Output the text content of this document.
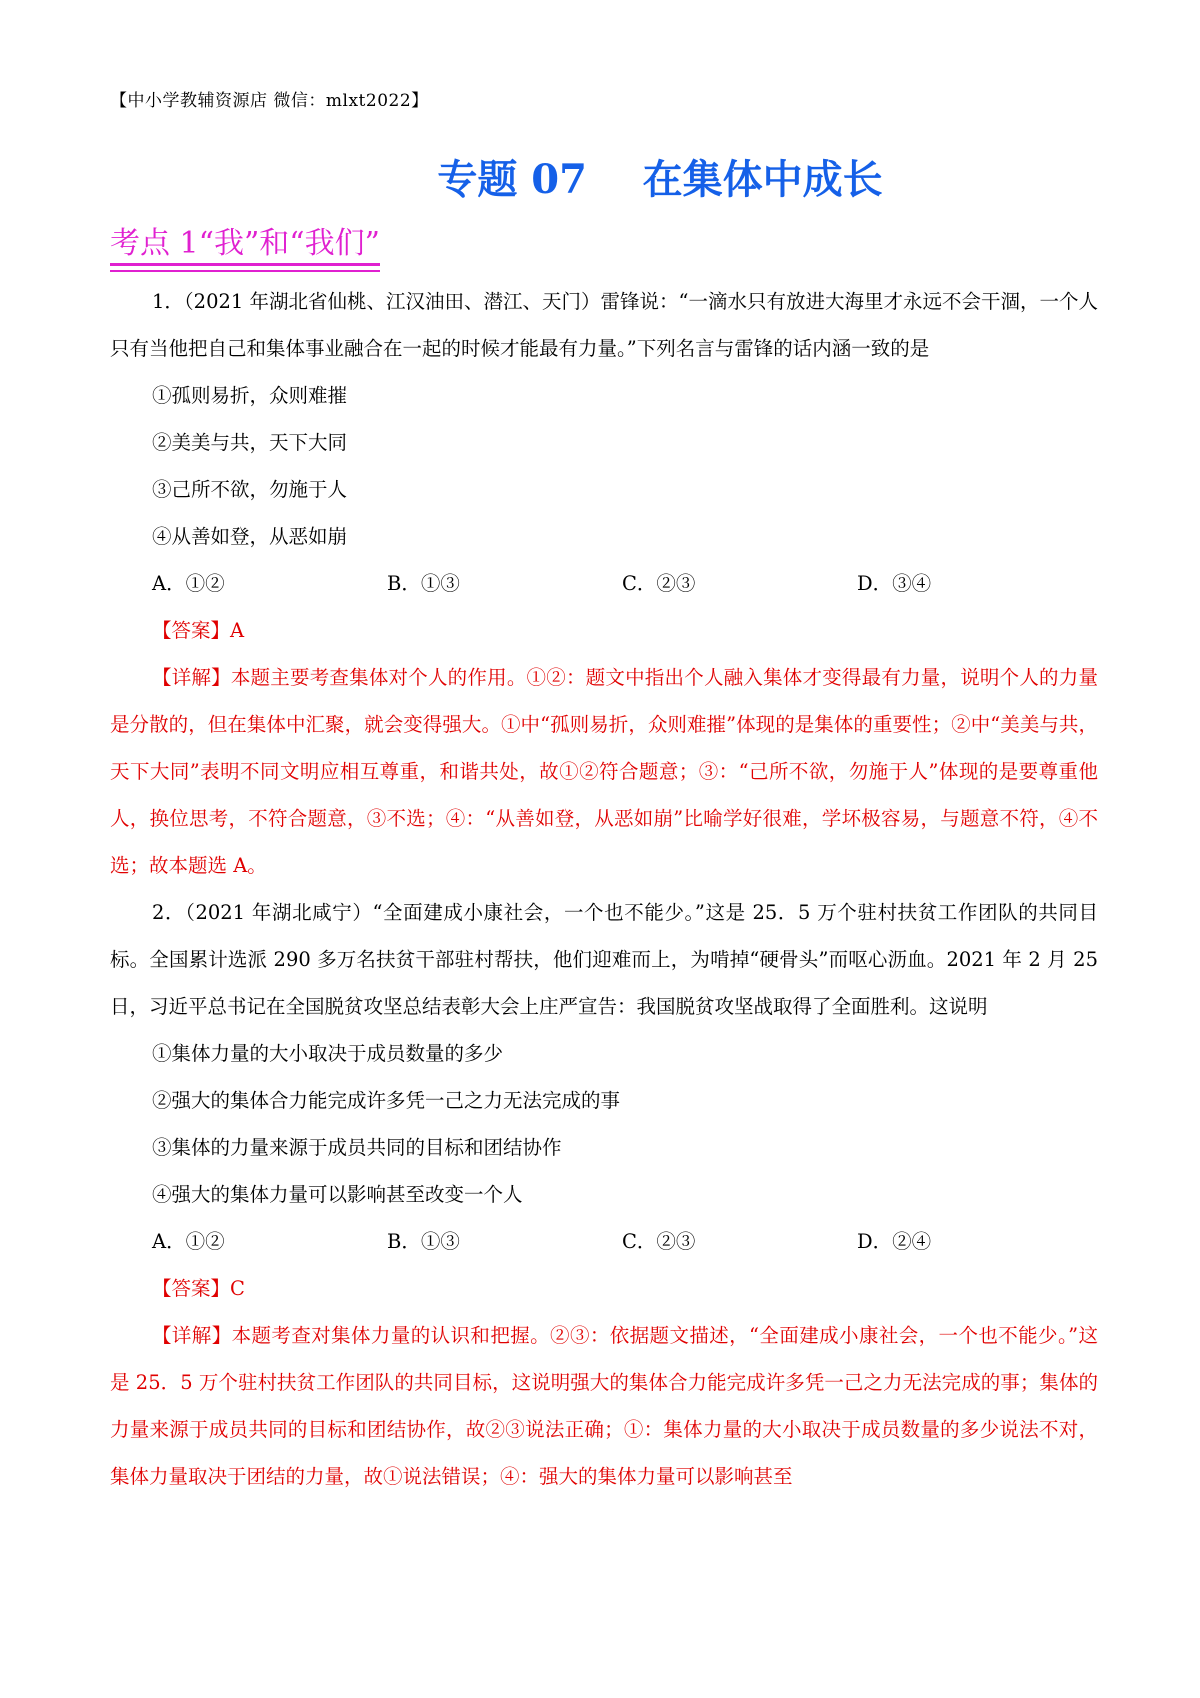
【中小学教辅资源店 微信：mlxt2022】
专题 07    在集体中成长
考点 1“我”和“我们”

1．（2021 年湖北省仙桃、江汉油田、潜江、天门）雷锋说：“一滴水只有放进大海里才永远不会干涸，一个人只有当他把自己和集体事业融合在一起的时候才能最有力量。”下列名言与雷锋的话内涵一致的是

①孤则易折，众则难摧

②美美与共，天下大同

③己所不欲，勿施于人

④从善如登，从恶如崩

A．①②	B．①③	C．②③	D．③④

【答案】A

【详解】本题主要考查集体对个人的作用。①②：题文中指出个人融入集体才变得最有力量，说明个人的力量是分散的，但在集体中汇聚，就会变得强大。①中“孤则易折，众则难摧”体现的是集体的重要性；②中“美美与共，天下大同”表明不同文明应相互尊重，和谐共处，故①②符合题意；③：“己所不欲，勿施于人”体现的是要尊重他人，换位思考，不符合题意，③不选；④：“从善如登，从恶如崩”比喻学好很难，学坏极容易，与题意不符，④不选；故本题选 A。

2．（2021 年湖北咸宁）“全面建成小康社会，一个也不能少。”这是 25．5 万个驻村扶贫工作团队的共同目标。全国累计选派 290 多万名扶贫干部驻村帮扶，他们迎难而上，为啃掉“硬骨头”而呕心沥血。2021 年 2 月 25 日，习近平总书记在全国脱贫攻坚总结表彰大会上庄严宣告：我国脱贫攻坚战取得了全面胜利。这说明

①集体力量的大小取决于成员数量的多少

②强大的集体合力能完成许多凭一己之力无法完成的事

③集体的力量来源于成员共同的目标和团结协作

④强大的集体力量可以影响甚至改变一个人

A．①②	B．①③	C．②③	D．②④

【答案】C

【详解】本题考查对集体力量的认识和把握。②③：依据题文描述，“全面建成小康社会，一个也不能少。”这是 25．5 万个驻村扶贫工作团队的共同目标，这说明强大的集体合力能完成许多凭一己之力无法完成的事；集体的力量来源于成员共同的目标和团结协作，故②③说法正确；①：集体力量的大小取决于成员数量的多少说法不对，集体力量取决于团结的力量，故①说法错误；④：强大的集体力量可以影响甚至
